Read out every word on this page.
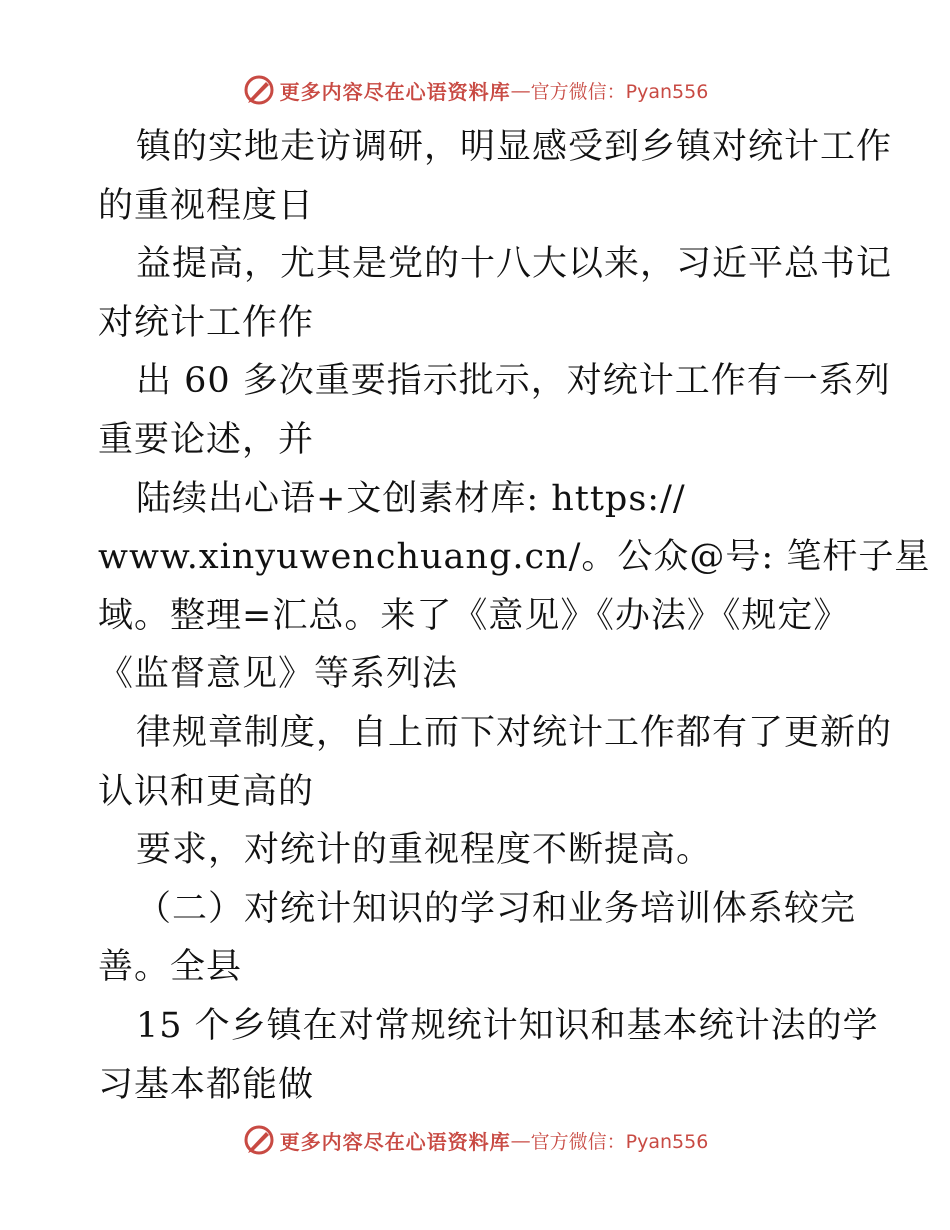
更多内容尽在心语资料库 — 官方微信：Pyan556
镇的实地走访调研，明显感受到乡镇对统计工作
的重视程度日
益提高，尤其是党的十八大以来，习近平总书记
对统计工作作
出 60 多次重要指示批示，对统计工作有一系列
重要论述，并
陆续出心语+文创素材库: https://
www.xinyuwenchuang.cn/。公众@号: 笔杆子星
域。整理=汇总。来了《意见》《办法》《规定》
《监督意见》等系列法
律规章制度，自上而下对统计工作都有了更新的
认识和更高的
要求，对统计的重视程度不断提高。
（二）对统计知识的学习和业务培训体系较完
善。全县
15 个乡镇在对常规统计知识和基本统计法的学
习基本都能做
更多内容尽在心语资料库 — 官方微信：Pyan556
